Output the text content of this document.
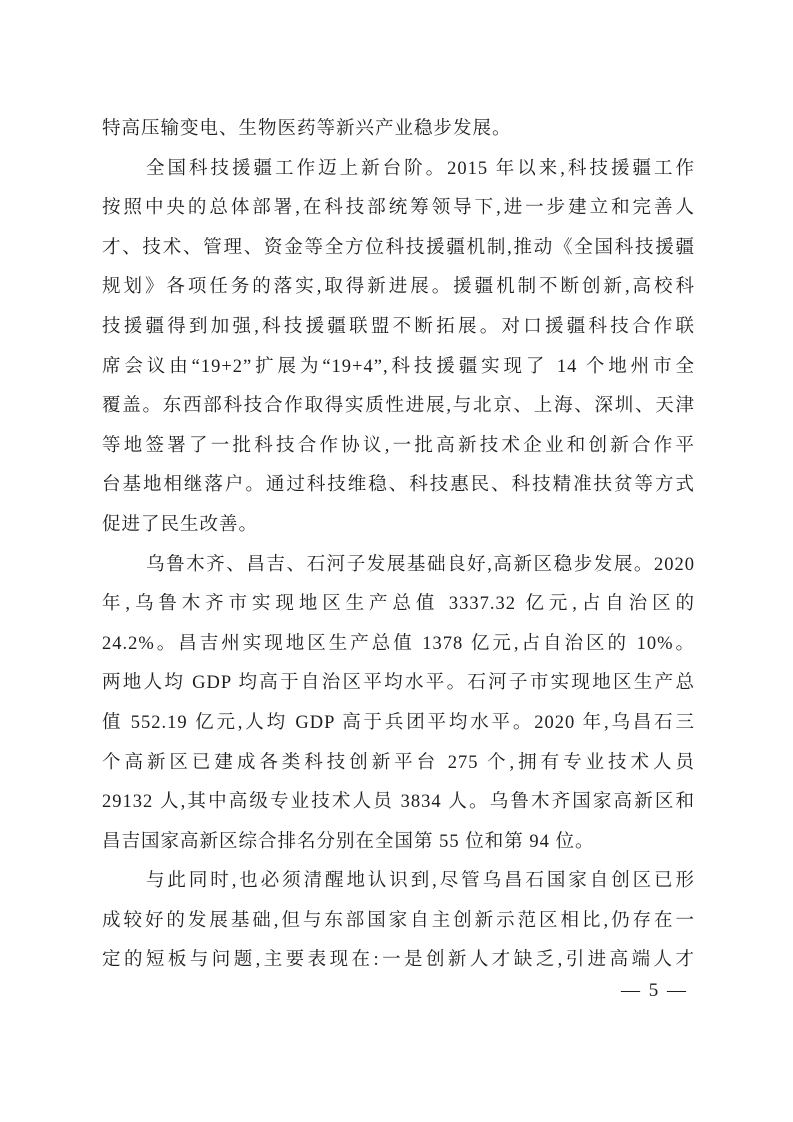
特高压输变电、生物医药等新兴产业稳步发展。
全国科技援疆工作迈上新台阶。2015 年以来,科技援疆工作
按照中央的总体部署,在科技部统筹领导下,进一步建立和完善人
才、技术、管理、资金等全方位科技援疆机制,推动《全国科技援疆
规划》各项任务的落实,取得新进展。援疆机制不断创新,高校科
技援疆得到加强,科技援疆联盟不断拓展。对口援疆科技合作联
席会议由“19+2”扩展为“19+4”,科技援疆实现了 14 个地州市全
覆盖。东西部科技合作取得实质性进展,与北京、上海、深圳、天津
等地签署了一批科技合作协议,一批高新技术企业和创新合作平
台基地相继落户。通过科技维稳、科技惠民、科技精准扶贫等方式
促进了民生改善。
乌鲁木齐、昌吉、石河子发展基础良好,高新区稳步发展。2020
年,乌鲁木齐市实现地区生产总值 3337.32 亿元,占自治区的
24.2%。昌吉州实现地区生产总值 1378 亿元,占自治区的 10%。
两地人均 GDP 均高于自治区平均水平。石河子市实现地区生产总
值 552.19 亿元,人均 GDP 高于兵团平均水平。2020 年,乌昌石三
个高新区已建成各类科技创新平台 275 个,拥有专业技术人员
29132 人,其中高级专业技术人员 3834 人。乌鲁木齐国家高新区和
昌吉国家高新区综合排名分别在全国第 55 位和第 94 位。
与此同时,也必须清醒地认识到,尽管乌昌石国家自创区已形
成较好的发展基础,但与东部国家自主创新示范区相比,仍存在一
定的短板与问题,主要表现在:一是创新人才缺乏,引进高端人才
— 5 —
